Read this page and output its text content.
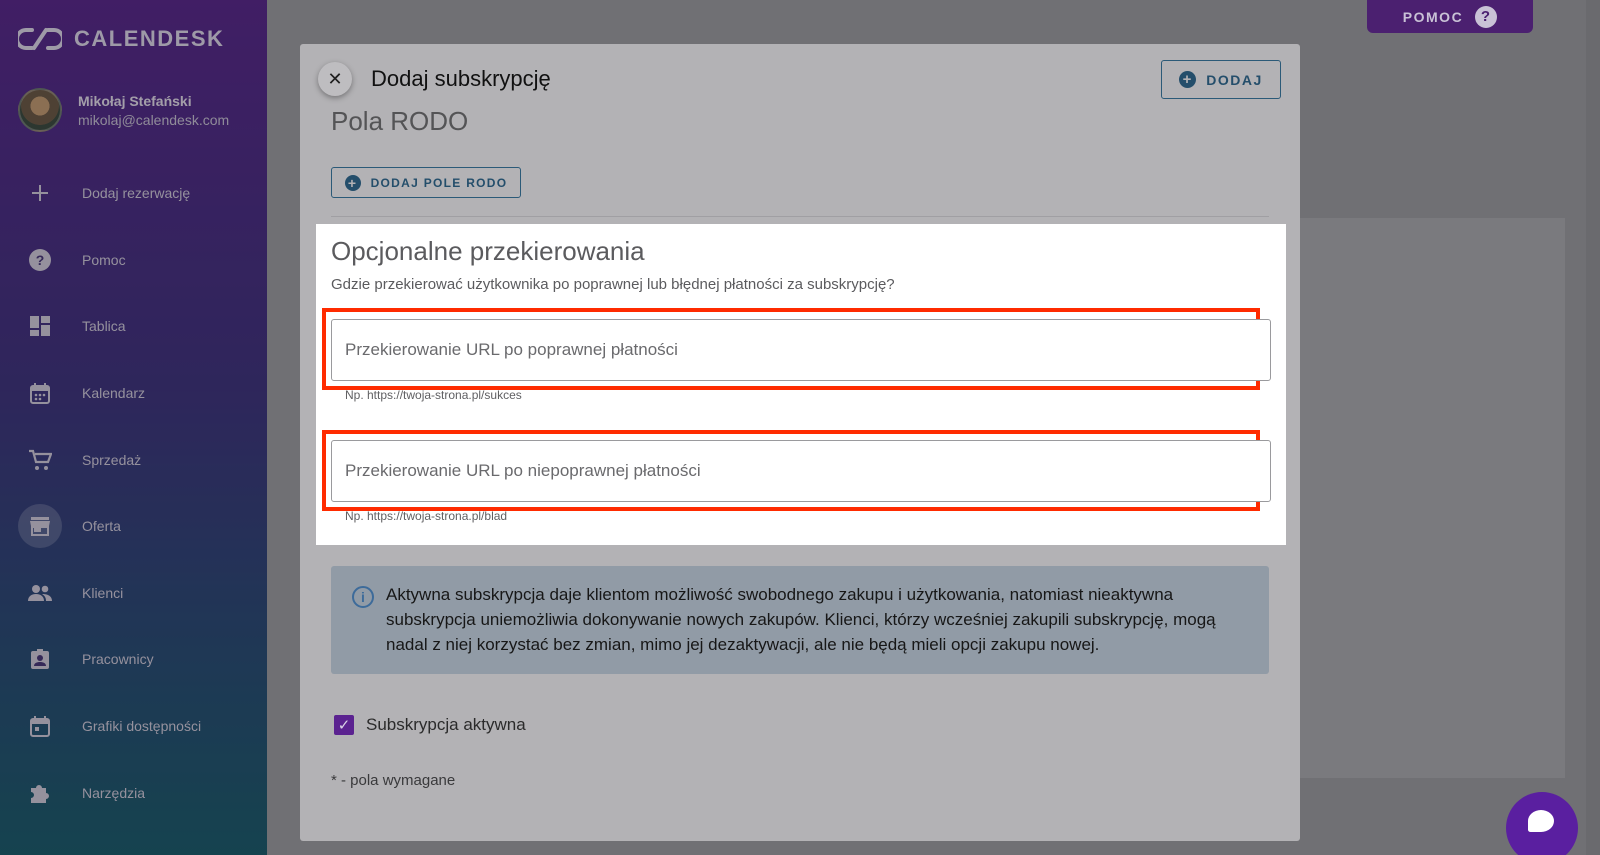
CALENDESK
Mikołaj Stefański
mikolaj@calendesk.com
Dodaj rezerwację
?	Pomoc
Tablica
Kalendarz
Sprzedaż
Oferta
Klienci
Pracownicy
Grafiki dostępności
Narzędzia
POMOC	?
✕ Dodaj subskrypcję	+ DODAJ
Pola RODO
+ DODAJ POLE RODO
Opcjonalne przekierowania
Gdzie przekierować użytkownika po poprawnej lub błędnej płatności za subskrypcję?
Przekierowanie URL po poprawnej płatności
Np. https://twoja-strona.pl/sukces
Przekierowanie URL po niepoprawnej płatności
Np. https://twoja-strona.pl/blad
i	Aktywna subskrypcja daje klientom możliwość swobodnego zakupu i użytkowania, natomiast nieaktywna subskrypcja uniemożliwia dokonywanie nowych zakupów. Klienci, którzy wcześniej zakupili subskrypcję, mogą nadal z niej korzystać bez zmian, mimo jej dezaktywacji, ale nie będą mieli opcji zakupu nowej.
✓ Subskrypcja aktywna
* - pola wymagane
